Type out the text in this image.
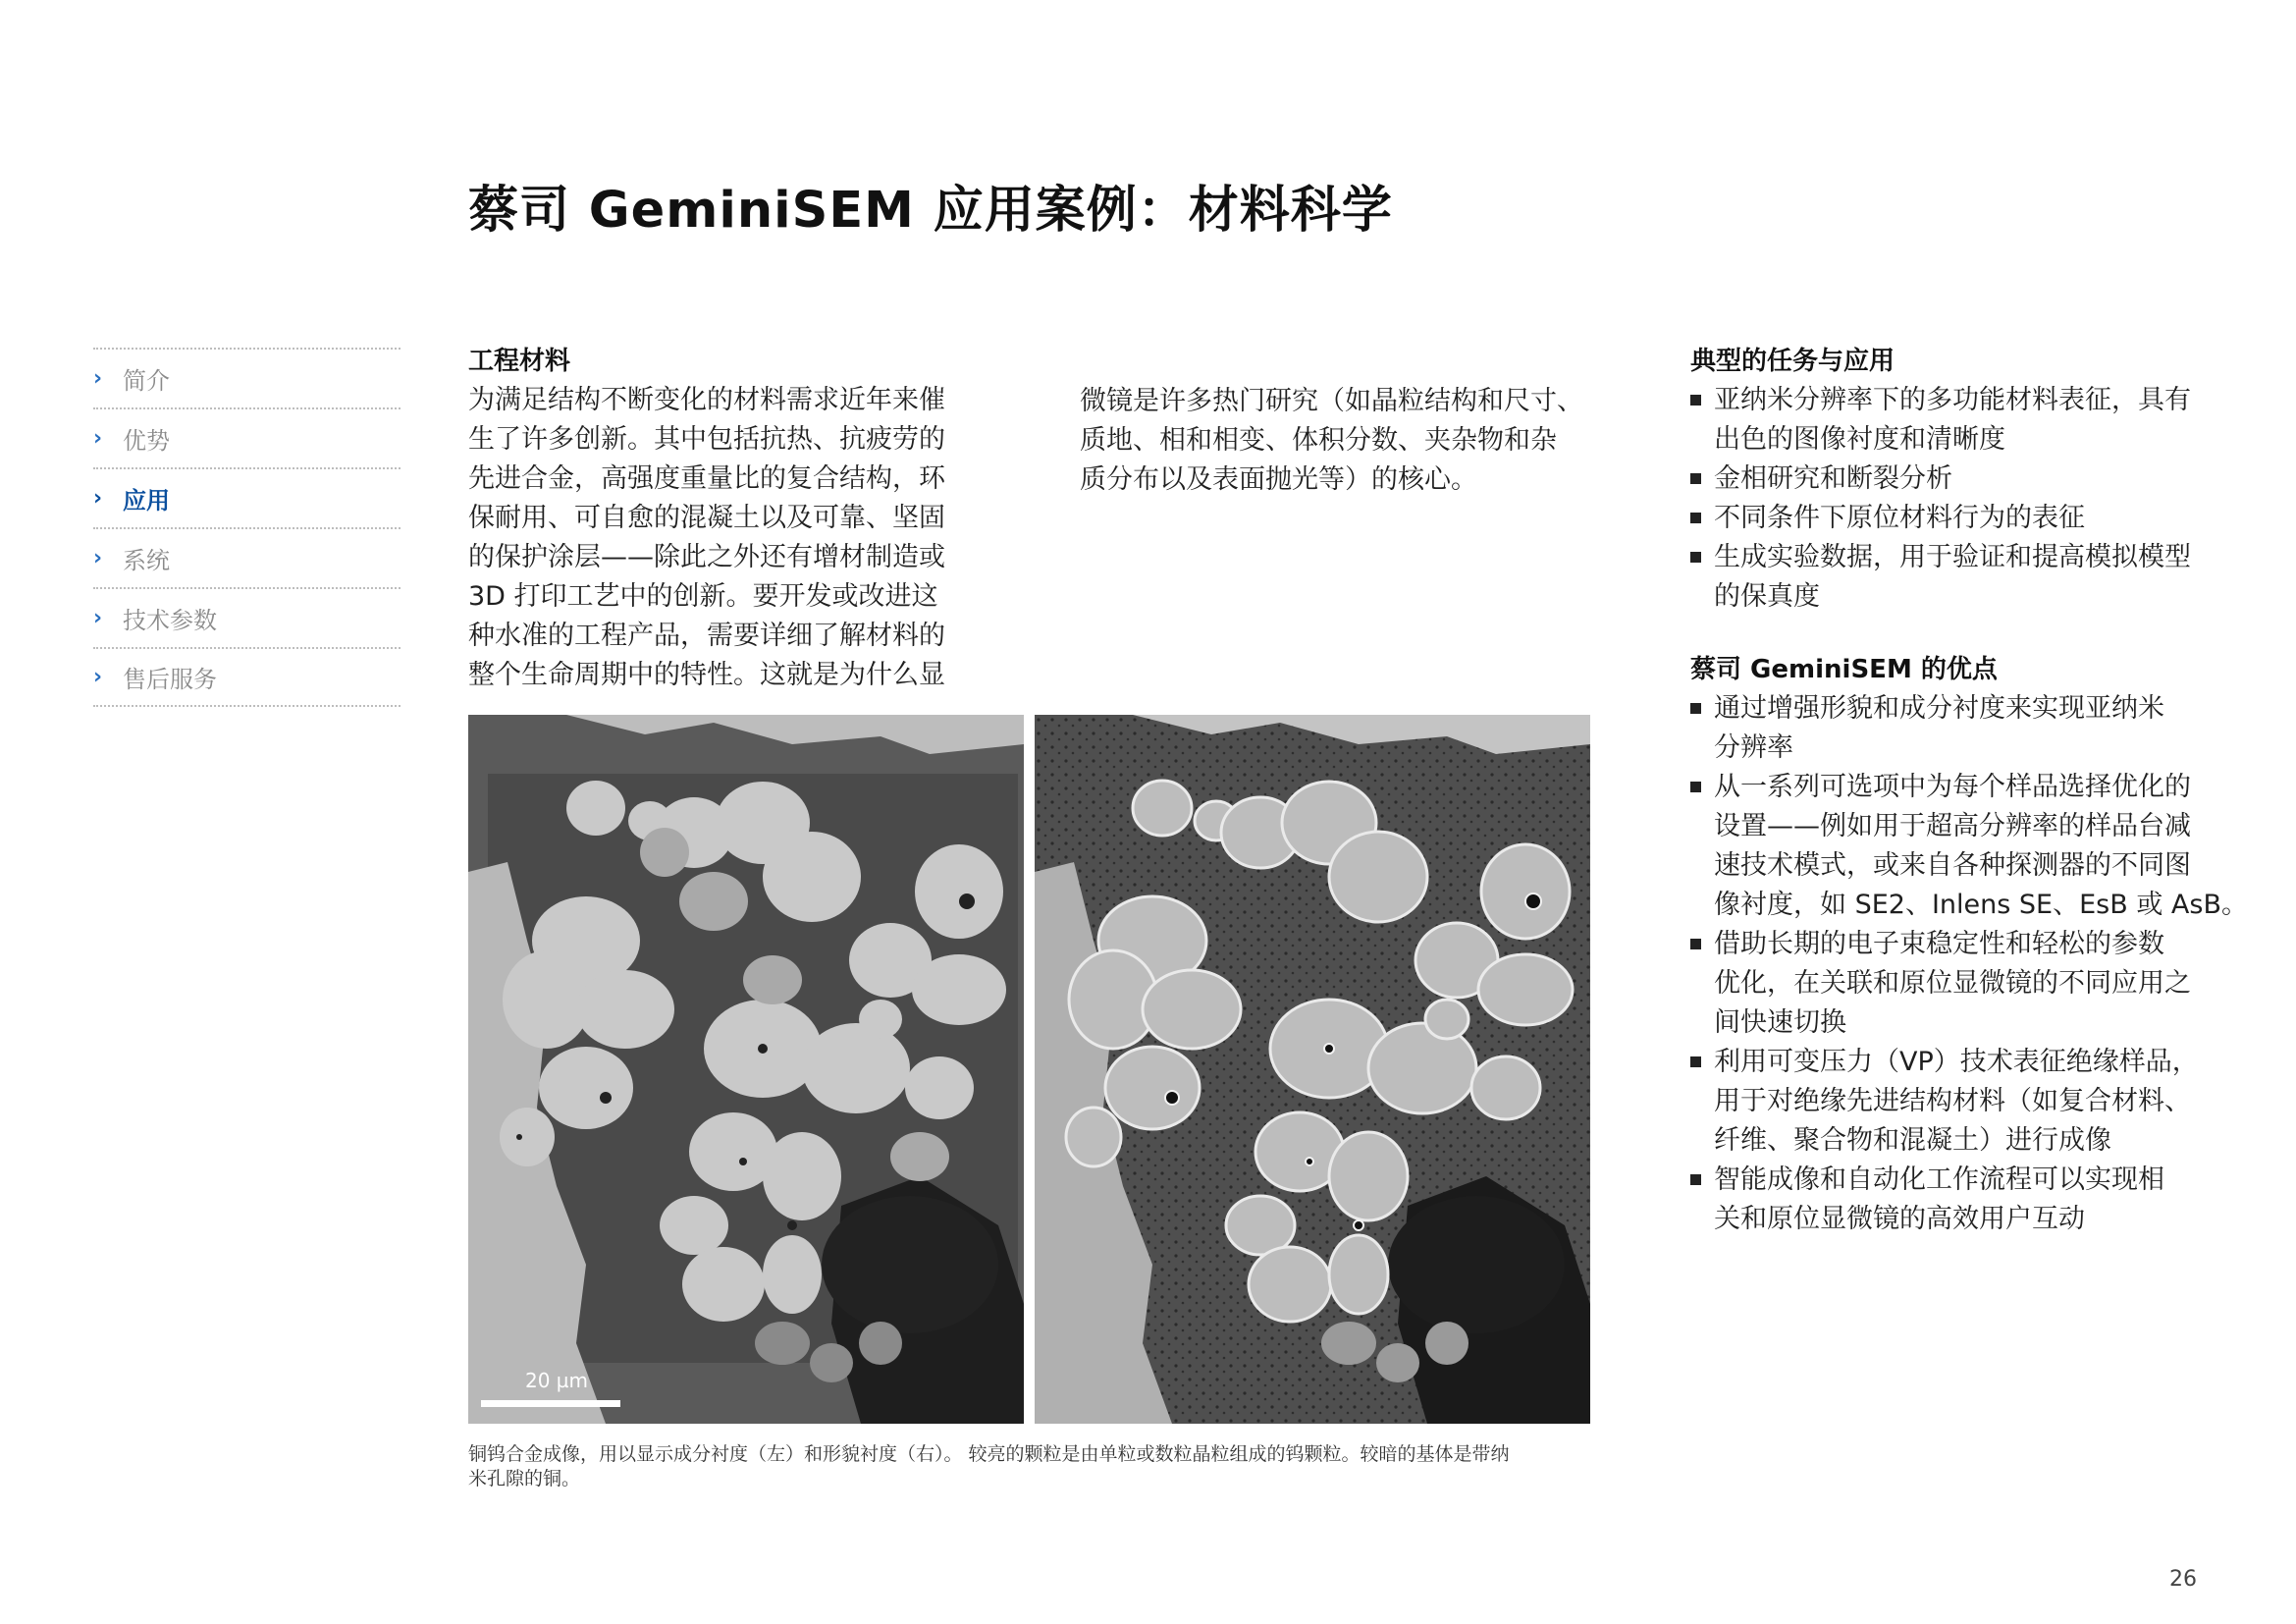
蔡司 GeminiSEM 应用案例：材料科学
› 简介
› 优势
› 应用
› 系统
› 技术参数
› 售后服务
工程材料
为满足结构不断变化的材料需求近年来催
生了许多创新。其中包括抗热、抗疲劳的
先进合金，高强度重量比的复合结构，环
保耐用、可自愈的混凝土以及可靠、坚固
的保护涂层——除此之外还有增材制造或
3D 打印工艺中的创新。要开发或改进这
种水准的工程产品，需要详细了解材料的
整个生命周期中的特性。这就是为什么显
微镜是许多热门研究（如晶粒结构和尺寸、
质地、相和相变、体积分数、夹杂物和杂
质分布以及表面抛光等）的核心。
典型的任务与应用
亚纳米分辨率下的多功能材料表征，具有
出色的图像衬度和清晰度
金相研究和断裂分析
不同条件下原位材料行为的表征
生成实验数据，用于验证和提高模拟模型
的保真度
蔡司 GeminiSEM 的优点
通过增强形貌和成分衬度来实现亚纳米
分辨率
从一系列可选项中为每个样品选择优化的
设置——例如用于超高分辨率的样品台减
速技术模式，或来自各种探测器的不同图
像衬度，如 SE2、Inlens SE、EsB 或 AsB。
借助长期的电子束稳定性和轻松的参数
优化，在关联和原位显微镜的不同应用之
间快速切换
利用可变压力（VP）技术表征绝缘样品，
用于对绝缘先进结构材料（如复合材料、
纤维、聚合物和混凝土）进行成像
智能成像和自动化工作流程可以实现相
关和原位显微镜的高效用户互动
20 µm
铜钨合金成像，用以显示成分衬度（左）和形貌衬度（右）。 较亮的颗粒是由单粒或数粒晶粒组成的钨颗粒。较暗的基体是带纳
米孔隙的铜。
26
